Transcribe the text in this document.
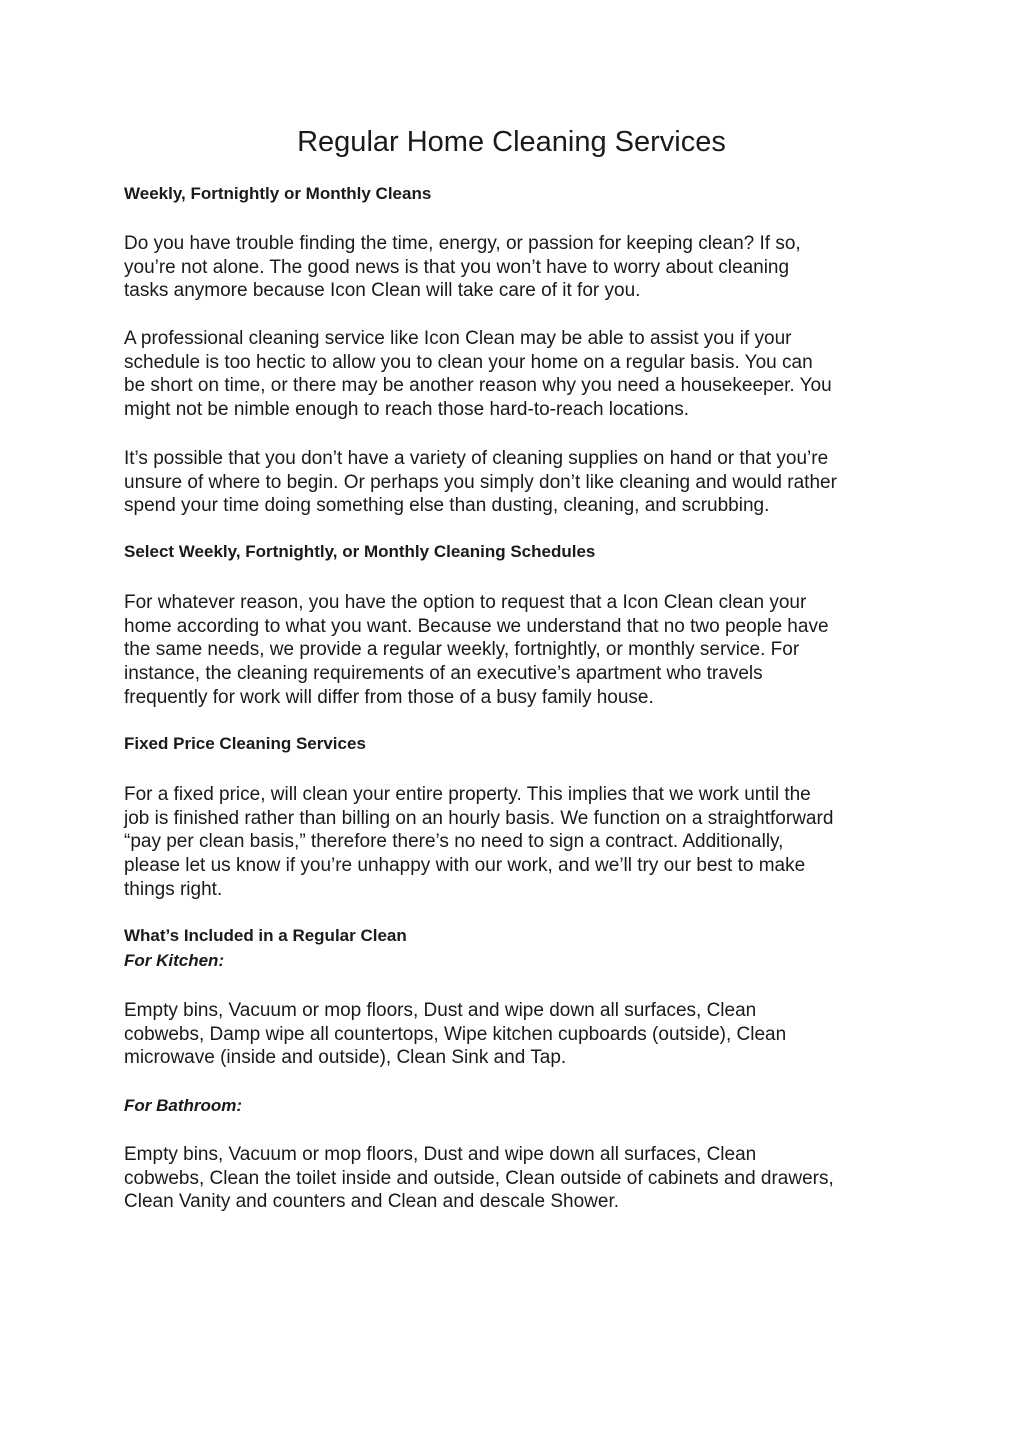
Regular Home Cleaning Services
Weekly, Fortnightly or Monthly Cleans

Do you have trouble finding the time, energy, or passion for keeping clean? If so,
you’re not alone. The good news is that you won’t have to worry about cleaning
tasks anymore because Icon Clean will take care of it for you.

A professional cleaning service like Icon Clean may be able to assist you if your
schedule is too hectic to allow you to clean your home on a regular basis. You can
be short on time, or there may be another reason why you need a housekeeper. You
might not be nimble enough to reach those hard-to-reach locations.

It’s possible that you don’t have a variety of cleaning supplies on hand or that you’re
unsure of where to begin. Or perhaps you simply don’t like cleaning and would rather
spend your time doing something else than dusting, cleaning, and scrubbing.

Select Weekly, Fortnightly, or Monthly Cleaning Schedules

For whatever reason, you have the option to request that a Icon Clean clean your
home according to what you want. Because we understand that no two people have
the same needs, we provide a regular weekly, fortnightly, or monthly service. For
instance, the cleaning requirements of an executive’s apartment who travels
frequently for work will differ from those of a busy family house.

Fixed Price Cleaning Services

For a fixed price, will clean your entire property. This implies that we work until the
job is finished rather than billing on an hourly basis. We function on a straightforward
“pay per clean basis,” therefore there’s no need to sign a contract. Additionally,
please let us know if you’re unhappy with our work, and we’ll try our best to make
things right.

What’s Included in a Regular Clean
For Kitchen:

Empty bins, Vacuum or mop floors, Dust and wipe down all surfaces, Clean
cobwebs, Damp wipe all countertops, Wipe kitchen cupboards (outside), Clean
microwave (inside and outside), Clean Sink and Tap.

For Bathroom:

Empty bins, Vacuum or mop floors, Dust and wipe down all surfaces, Clean
cobwebs, Clean the toilet inside and outside, Clean outside of cabinets and drawers,
Clean Vanity and counters and Clean and descale Shower.
